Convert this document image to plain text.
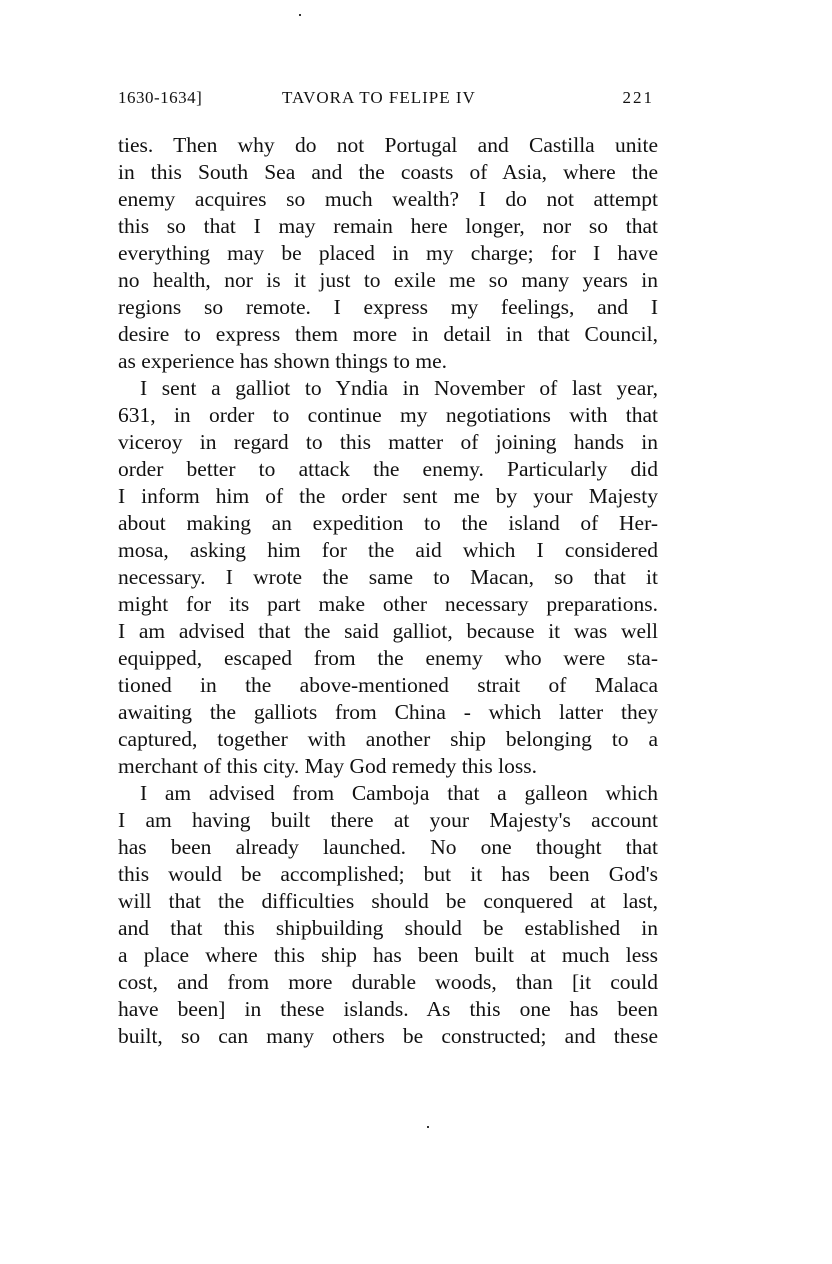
1630-1634]	TAVORA TO FELIPE IV	221
ties. Then why do not Portugal and Castilla unite
in this South Sea and the coasts of Asia, where the
enemy acquires so much wealth? I do not attempt
this so that I may remain here longer, nor so that
everything may be placed in my charge; for I have
no health, nor is it just to exile me so many years in
regions so remote. I express my feelings, and I
desire to express them more in detail in that Council,
as experience has shown things to me.
I sent a galliot to Yndia in November of last year,
631, in order to continue my negotiations with that
viceroy in regard to this matter of joining hands in
order better to attack the enemy. Particularly did
I inform him of the order sent me by your Majesty
about making an expedition to the island of Her-
mosa, asking him for the aid which I considered
necessary. I wrote the same to Macan, so that it
might for its part make other necessary preparations.
I am advised that the said galliot, because it was well
equipped, escaped from the enemy who were sta-
tioned in the above-mentioned strait of Malaca
awaiting the galliots from China - which latter they
captured, together with another ship belonging to a
merchant of this city. May God remedy this loss.
I am advised from Camboja that a galleon which
I am having built there at your Majesty's account
has been already launched. No one thought that
this would be accomplished; but it has been God's
will that the difficulties should be conquered at last,
and that this shipbuilding should be established in
a place where this ship has been built at much less
cost, and from more durable woods, than [it could
have been] in these islands. As this one has been
built, so can many others be constructed; and these
